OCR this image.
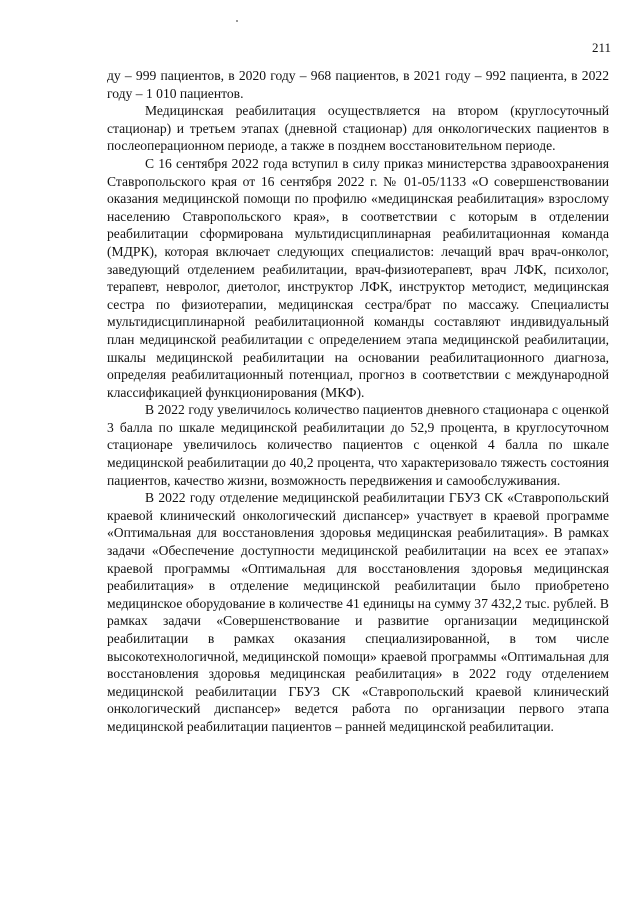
211

ду – 999 пациентов, в 2020 году – 968 пациентов, в 2021 году – 992 пациента, в 2022 году – 1 010 пациентов.

Медицинская реабилитация осуществляется на втором (круглосуточный стационар) и третьем этапах (дневной стационар) для онкологических пациентов в послеоперационном периоде, а также в позднем восстановительном периоде.

С 16 сентября 2022 года вступил в силу приказ министерства здравоохранения Ставропольского края от 16 сентября 2022 г. № 01-05/1133 «О совершенствовании оказания медицинской помощи по профилю «медицинская реабилитация» взрослому населению Ставропольского края», в соответствии с которым в отделении реабилитации сформирована мультидисциплинарная реабилитационная команда (МДРК), которая включает следующих специалистов: лечащий врач врач-онколог, заведующий отделением реабилитации, врач-физиотерапевт, врач ЛФК, психолог, терапевт, невролог, диетолог, инструктор ЛФК, инструктор методист, медицинская сестра по физиотерапии, медицинская сестра/брат по массажу. Специалисты мультидисциплинарной реабилитационной команды составляют индивидуальный план медицинской реабилитации с определением этапа медицинской реабилитации, шкалы медицинской реабилитации на основании реабилитационного диагноза, определяя реабилитационный потенциал, прогноз в соответствии с международной классификацией функционирования (МКФ).

В 2022 году увеличилось количество пациентов дневного стационара с оценкой 3 балла по шкале медицинской реабилитации до 52,9 процента, в круглосуточном стационаре увеличилось количество пациентов с оценкой 4 балла по шкале медицинской реабилитации до 40,2 процента, что характеризовало тяжесть состояния пациентов, качество жизни, возможность передвижения и самообслуживания.

В 2022 году отделение медицинской реабилитации ГБУЗ СК «Ставропольский краевой клинический онкологический диспансер» участвует в краевой программе «Оптимальная для восстановления здоровья медицинская реабилитация». В рамках задачи «Обеспечение доступности медицинской реабилитации на всех ее этапах» краевой программы «Оптимальная для восстановления здоровья медицинская реабилитация» в отделение медицинской реабилитации было приобретено медицинское оборудование в количестве 41 единицы на сумму 37 432,2 тыс. рублей. В рамках задачи «Совершенствование и развитие организации медицинской реабилитации в рамках оказания специализированной, в том числе высокотехнологичной, медицинской помощи» краевой программы «Оптимальная для восстановления здоровья медицинская реабилитация» в 2022 году отделением медицинской реабилитации ГБУЗ СК «Ставропольский краевой клинический онкологический диспансер» ведется работа по организации первого этапа медицинской реабилитации пациентов – ранней медицинской реабилитации.
